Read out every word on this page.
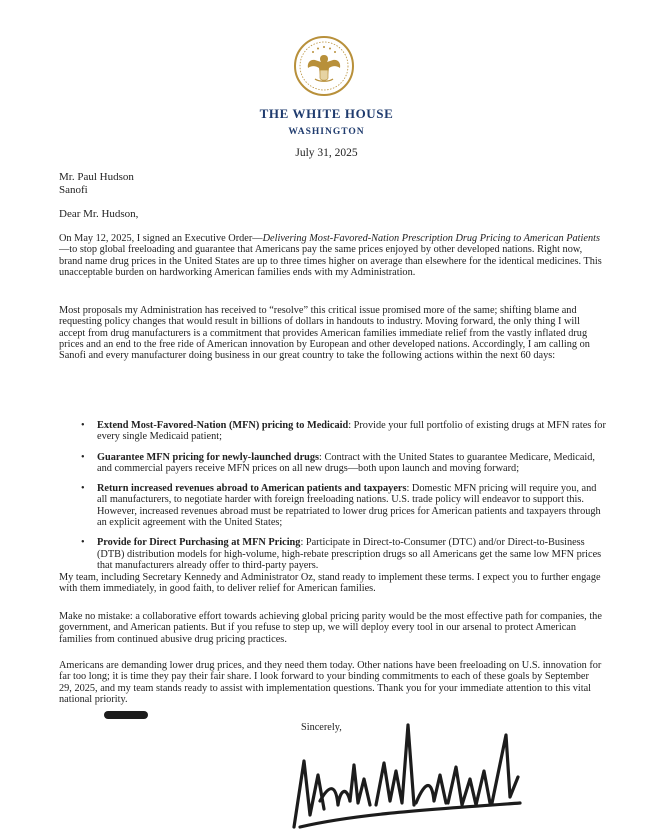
THE WHITE HOUSE
WASHINGTON
July 31, 2025
Mr. Paul Hudson
Sanofi
Dear Mr. Hudson,

On May 12, 2025, I signed an Executive Order—Delivering Most-Favored-Nation Prescription Drug Pricing to American Patients—to stop global freeloading and guarantee that Americans pay the same prices enjoyed by other developed nations. Right now, brand name drug prices in the United States are up to three times higher on average than elsewhere for the identical medicines. This unacceptable burden on hardworking American families ends with my Administration.

Most proposals my Administration has received to “resolve” this critical issue promised more of the same; shifting blame and requesting policy changes that would result in billions of dollars in handouts to industry. Moving forward, the only thing I will accept from drug manufacturers is a commitment that provides American families immediate relief from the vastly inflated drug prices and an end to the free ride of American innovation by European and other developed nations. Accordingly, I am calling on Sanofi and every manufacturer doing business in our great country to take the following actions within the next 60 days:

• Extend Most-Favored-Nation (MFN) pricing to Medicaid: Provide your full portfolio of existing drugs at MFN rates for every single Medicaid patient;
• Guarantee MFN pricing for newly-launched drugs: Contract with the United States to guarantee Medicare, Medicaid, and commercial payers receive MFN prices on all new drugs—both upon launch and moving forward;
• Return increased revenues abroad to American patients and taxpayers: Domestic MFN pricing will require you, and all manufacturers, to negotiate harder with foreign freeloading nations. U.S. trade policy will endeavor to support this. However, increased revenues abroad must be repatriated to lower drug prices for American patients and taxpayers through an explicit agreement with the United States;
• Provide for Direct Purchasing at MFN Pricing: Participate in Direct-to-Consumer (DTC) and/or Direct-to-Business (DTB) distribution models for high-volume, high-rebate prescription drugs so all Americans get the same low MFN prices that manufacturers already offer to third-party payers.

My team, including Secretary Kennedy and Administrator Oz, stand ready to implement these terms. I expect you to further engage with them immediately, in good faith, to deliver relief for American families.

Make no mistake: a collaborative effort towards achieving global pricing parity would be the most effective path for companies, the government, and American patients. But if you refuse to step up, we will deploy every tool in our arsenal to protect American families from continued abusive drug pricing practices.

Americans are demanding lower drug prices, and they need them today. Other nations have been freeloading on U.S. innovation for far too long; it is time they pay their fair share. I look forward to your binding commitments to each of these goals by September 29, 2025, and my team stands ready to assist with implementation questions. Thank you for your immediate attention to this vital national priority.

Sincerely,
